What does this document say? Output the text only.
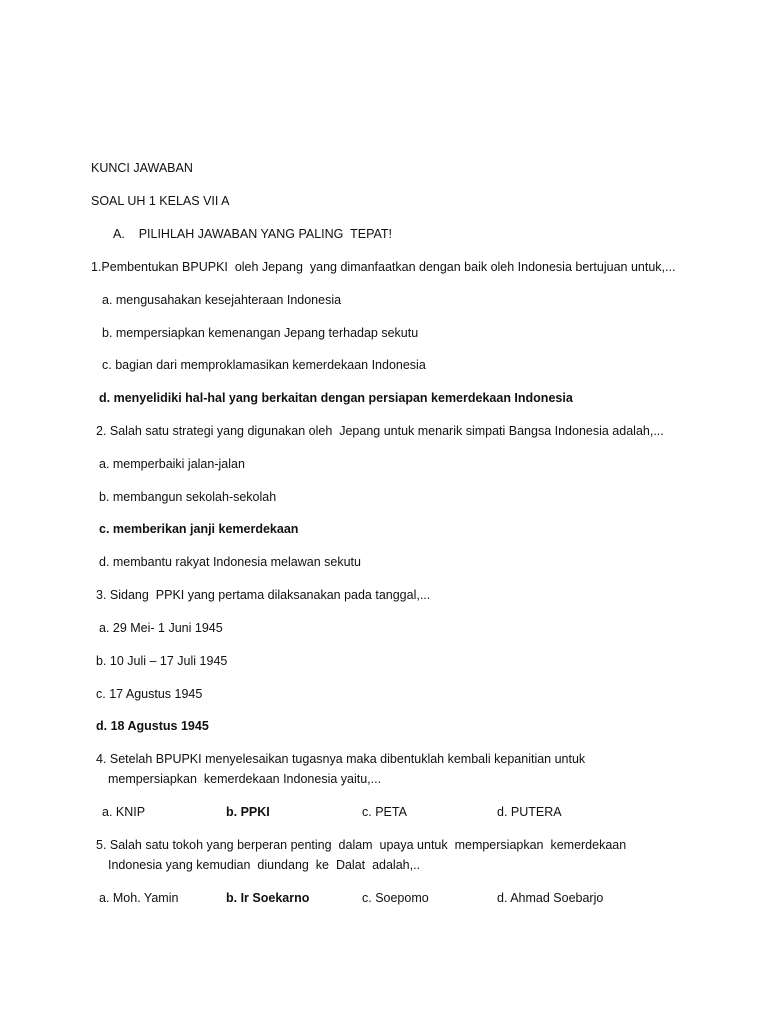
KUNCI JAWABAN
SOAL UH 1 KELAS VII A
A.    PILIHLAH JAWABAN YANG PALING  TEPAT!
1.Pembentukan BPUPKI  oleh Jepang  yang dimanfaatkan dengan baik oleh Indonesia bertujuan untuk,...
a. mengusahakan kesejahteraan Indonesia
b. mempersiapkan kemenangan Jepang terhadap sekutu
c. bagian dari memproklamasikan kemerdekaan Indonesia
d. menyelidiki hal-hal yang berkaitan dengan persiapan kemerdekaan Indonesia
2. Salah satu strategi yang digunakan oleh  Jepang untuk menarik simpati Bangsa Indonesia adalah,...
a. memperbaiki jalan-jalan
b. membangun sekolah-sekolah
c. memberikan janji kemerdekaan
d. membantu rakyat Indonesia melawan sekutu
3. Sidang  PPKI yang pertama dilaksanakan pada tanggal,...
a. 29 Mei- 1 Juni 1945
b. 10 Juli – 17 Juli 1945
c. 17 Agustus 1945
d. 18 Agustus 1945
4. Setelah BPUPKI menyelesaikan tugasnya maka dibentuklah kembali kepanitian untuk
mempersiapkan  kemerdekaan Indonesia yaitu,...
a. KNIP	b. PPKI	c. PETA	d. PUTERA
5. Salah satu tokoh yang berperan penting  dalam  upaya untuk  mempersiapkan  kemerdekaan
Indonesia yang kemudian  diundang  ke  Dalat  adalah,..
a. Moh. Yamin	b. Ir Soekarno	c. Soepomo	d. Ahmad Soebarjo
